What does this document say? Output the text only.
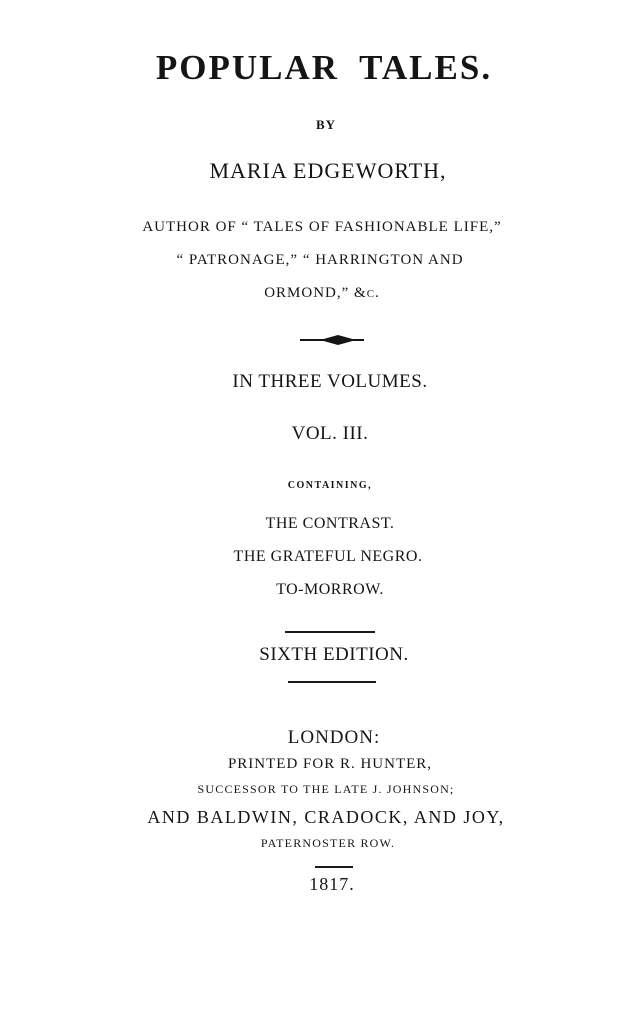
POPULAR TALES.
BY
MARIA EDGEWORTH,
AUTHOR OF “ TALES OF FASHIONABLE LIFE,”
“ PATRONAGE,” “ HARRINGTON AND
ORMOND,” &c.
IN THREE VOLUMES.
VOL. III.
CONTAINING,
THE CONTRAST.
THE GRATEFUL NEGRO.
TO-MORROW.
SIXTH EDITION.
LONDON:
PRINTED FOR R. HUNTER,
SUCCESSOR TO THE LATE J. JOHNSON;
AND BALDWIN, CRADOCK, AND JOY,
PATERNOSTER ROW.
1817.
